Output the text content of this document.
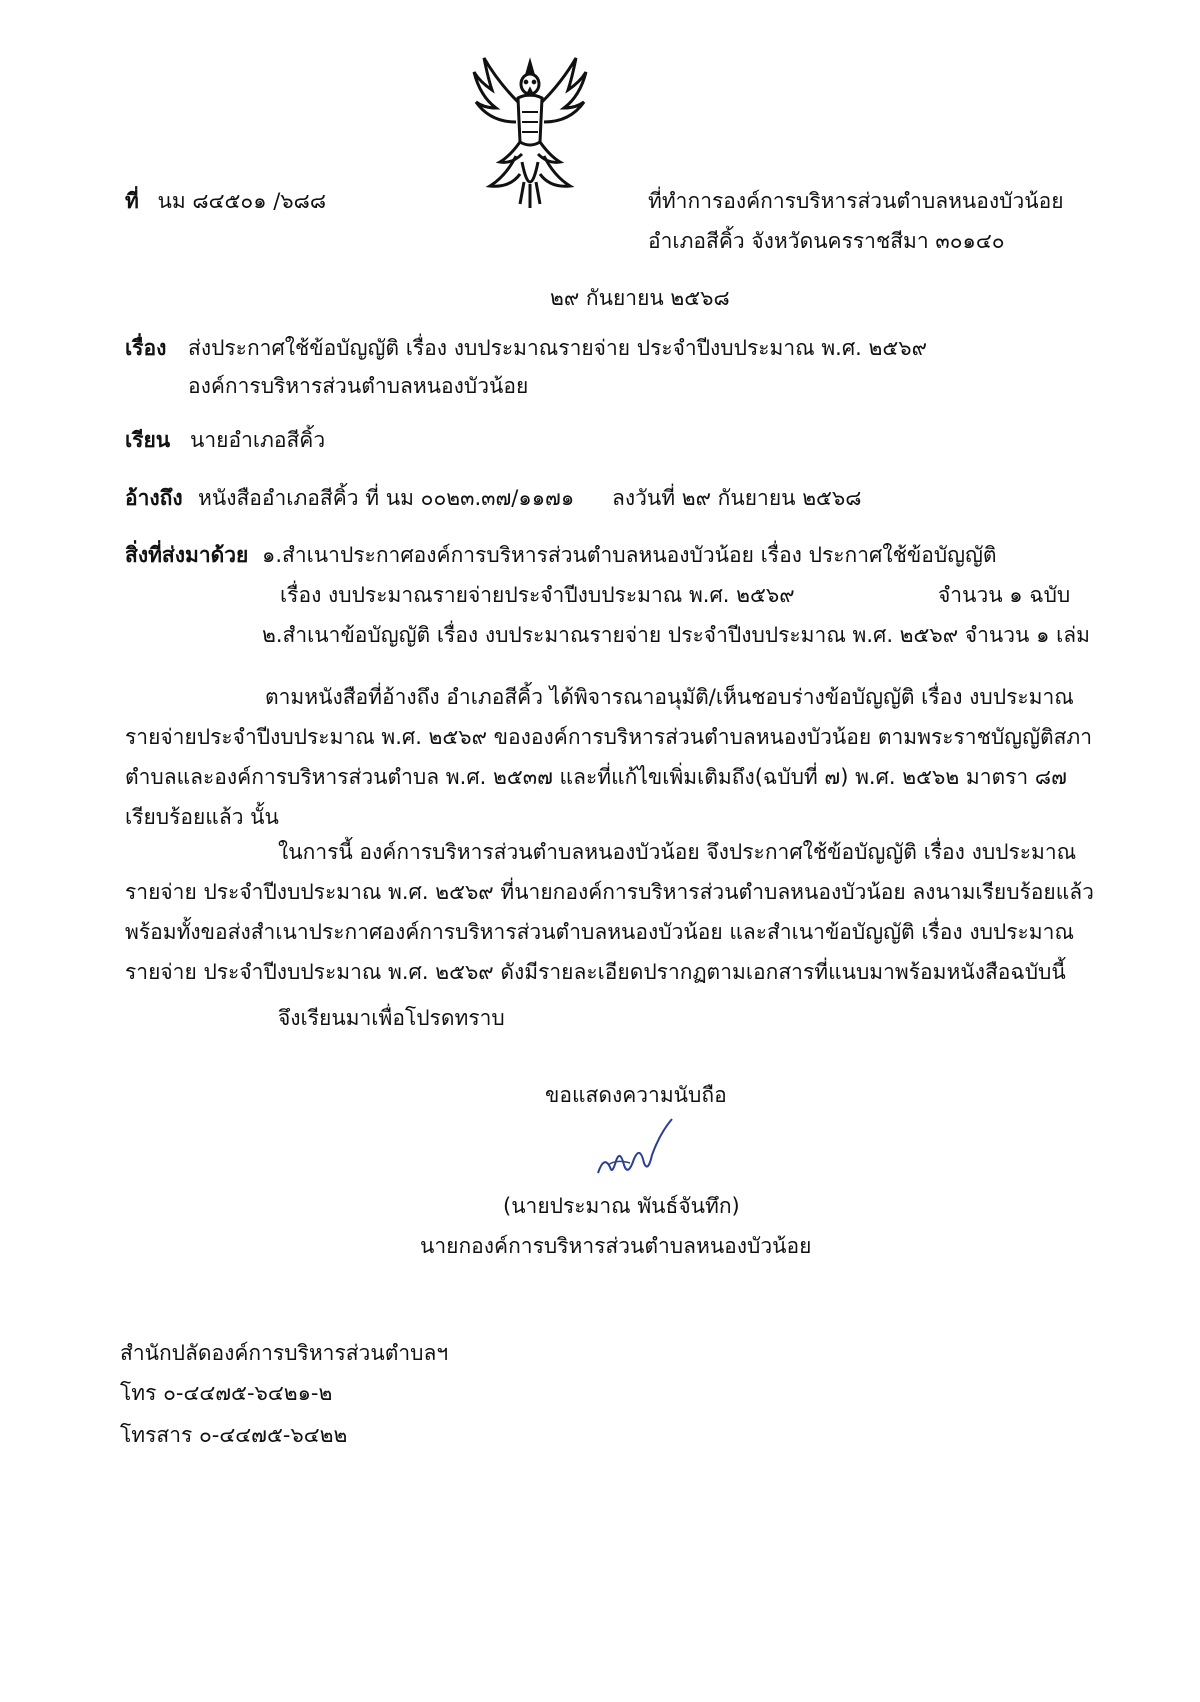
ที่ นม ๘๔๕๐๑ /๖๘๘	ที่ทำการองค์การบริหารส่วนตำบลหนองบัวน้อย
อำเภอสีคิ้ว จังหวัดนครราชสีมา ๓๐๑๔๐
๒๙ กันยายน ๒๕๖๘
เรื่อง ส่งประกาศใช้ข้อบัญญัติ เรื่อง งบประมาณรายจ่าย ประจำปีงบประมาณ พ.ศ. ๒๕๖๙
องค์การบริหารส่วนตำบลหนองบัวน้อย
เรียน นายอำเภอสีคิ้ว
อ้างถึง หนังสืออำเภอสีคิ้ว ที่ นม ๐๐๒๓.๓๗/๑๑๗๑ ลงวันที่ ๒๙ กันยายน ๒๕๖๘
สิ่งที่ส่งมาด้วย ๑.สำเนาประกาศองค์การบริหารส่วนตำบลหนองบัวน้อย เรื่อง ประกาศใช้ข้อบัญญัติ
เรื่อง งบประมาณรายจ่ายประจำปีงบประมาณ พ.ศ. ๒๕๖๙	จำนวน ๑ ฉบับ
๒.สำเนาข้อบัญญัติ เรื่อง งบประมาณรายจ่าย ประจำปีงบประมาณ พ.ศ. ๒๕๖๙ จำนวน ๑ เล่ม
ตามหนังสือที่อ้างถึง อำเภอสีคิ้ว ได้พิจารณาอนุมัติ/เห็นชอบร่างข้อบัญญัติ เรื่อง งบประมาณ
รายจ่ายประจำปีงบประมาณ พ.ศ. ๒๕๖๙ ขององค์การบริหารส่วนตำบลหนองบัวน้อย ตามพระราชบัญญัติสภา
ตำบลและองค์การบริหารส่วนตำบล พ.ศ. ๒๕๓๗ และที่แก้ไขเพิ่มเติมถึง(ฉบับที่ ๗) พ.ศ. ๒๕๖๒ มาตรา ๘๗
เรียบร้อยแล้ว นั้น
ในการนี้ องค์การบริหารส่วนตำบลหนองบัวน้อย จึงประกาศใช้ข้อบัญญัติ เรื่อง งบประมาณ
รายจ่าย ประจำปีงบประมาณ พ.ศ. ๒๕๖๙ ที่นายกองค์การบริหารส่วนตำบลหนองบัวน้อย ลงนามเรียบร้อยแล้ว
พร้อมทั้งขอส่งสำเนาประกาศองค์การบริหารส่วนตำบลหนองบัวน้อย และสำเนาข้อบัญญัติ เรื่อง งบประมาณ
รายจ่าย ประจำปีงบประมาณ พ.ศ. ๒๕๖๙ ดังมีรายละเอียดปรากฏตามเอกสารที่แนบมาพร้อมหนังสือฉบับนี้
จึงเรียนมาเพื่อโปรดทราบ
ขอแสดงความนับถือ
(นายประมาณ พันธ์จันทึก)
นายกองค์การบริหารส่วนตำบลหนองบัวน้อย
สำนักปลัดองค์การบริหารส่วนตำบลฯ
โทร ๐-๔๔๗๕-๖๔๒๑-๒
โทรสาร ๐-๔๔๗๕-๖๔๒๒
